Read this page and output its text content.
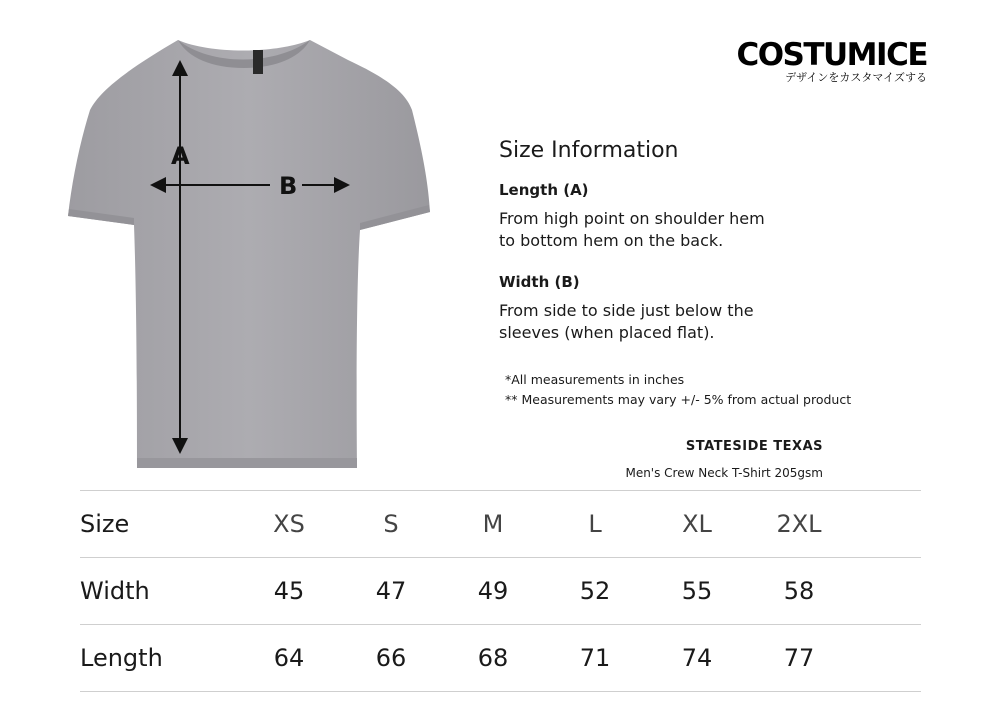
A
B
COSTUMICE
デザインをカスタマイズする
Size Information
Length (A)
From high point on shoulder hem
to bottom hem on the back.
Width (B)
From side to side just below the
sleeves (when placed flat).
*All measurements in inches
** Measurements may vary +/- 5% from actual product
STATESIDE TEXAS
Men's Crew Neck T-Shirt 205gsm
Size	XS	S	M	L	XL	2XL
Width	45	47	49	52	55	58
Length	64	66	68	71	74	77
